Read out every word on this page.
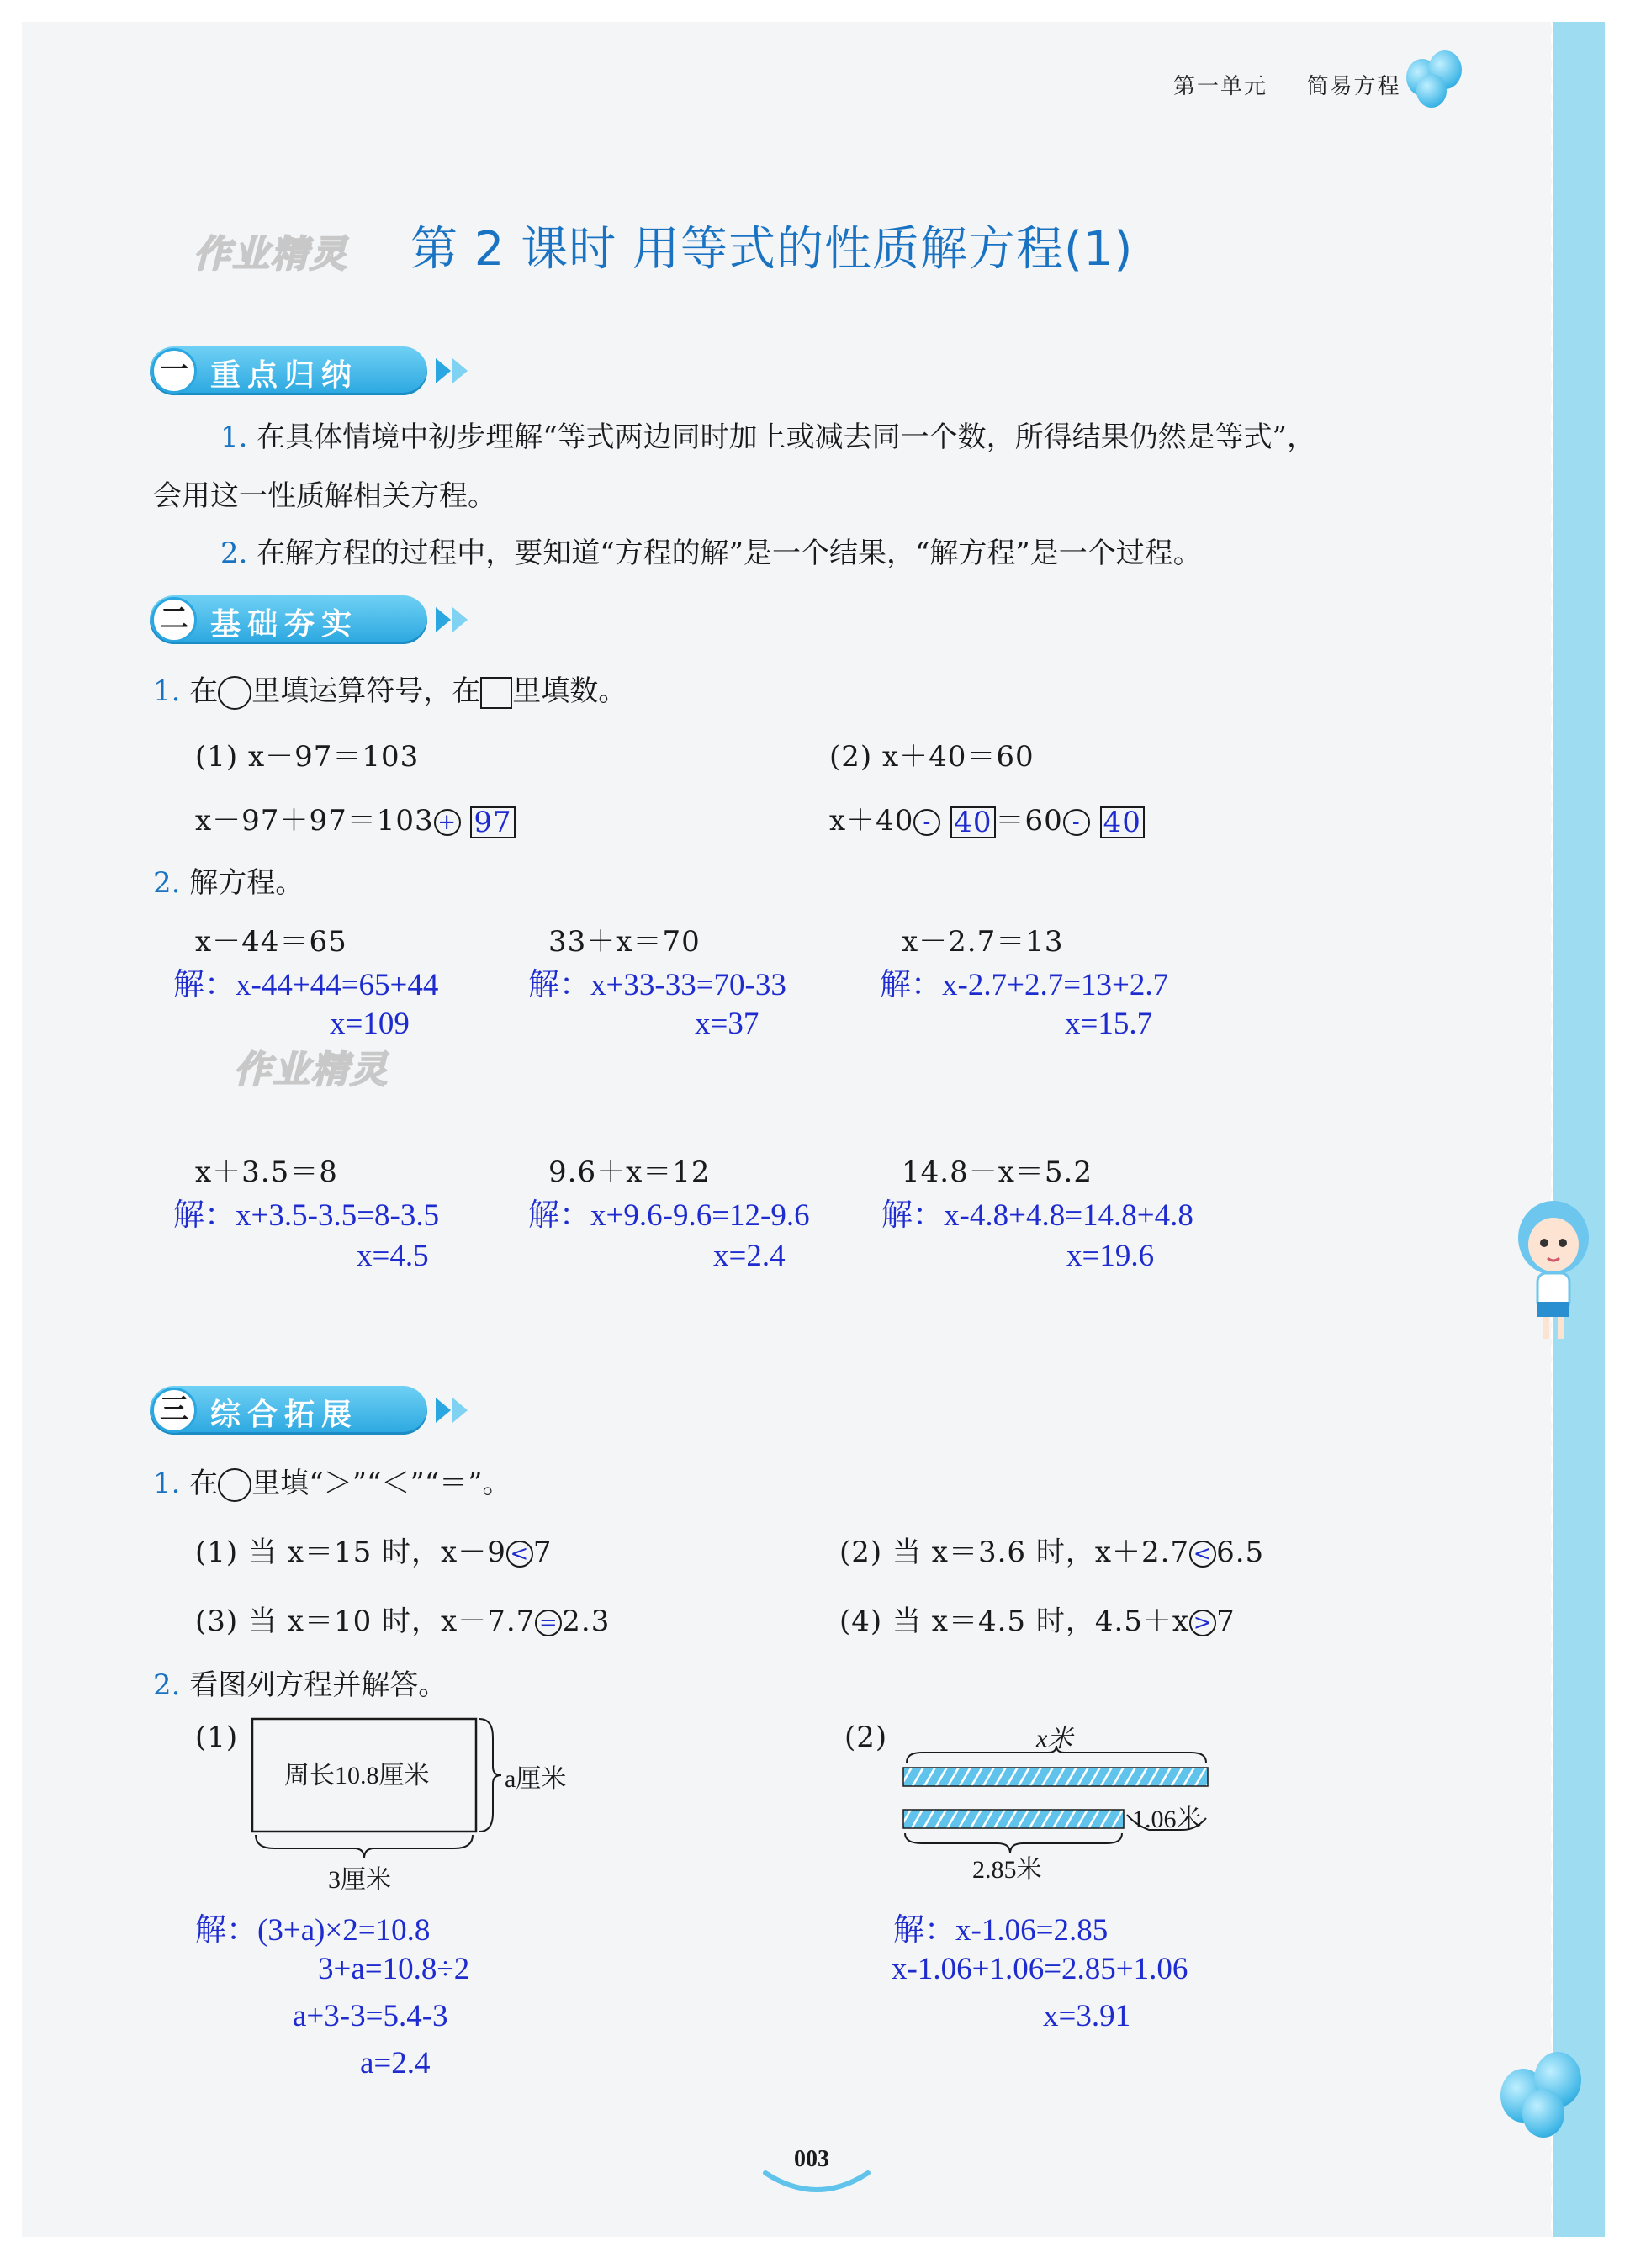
第一单元 简易方程
作业精灵 第 2 课时 用等式的性质解方程(1)
一 重点归纳
1. 在具体情境中初步理解“等式两边同时加上或减去同一个数，所得结果仍然是等式”，
会用这一性质解相关方程。
2. 在解方程的过程中，要知道“方程的解”是一个结果，“解方程”是一个过程。
二 基础夯实
1. 在 里填运算符号，在 里填数。
(1) x－97＝103
x－97＋97＝103 + 97
(2) x＋40＝60
x＋40 - 40 ＝60 - 40
2. 解方程。
x－44＝65
解：x-44+44=65+44
x=109
33＋x＝70
解：x+33-33=70-33
x=37
x－2.7＝13
解：x-2.7+2.7=13+2.7
x=15.7
作业精灵
x＋3.5＝8
解：x+3.5-3.5=8-3.5
x=4.5
9.6＋x＝12
解：x+9.6-9.6=12-9.6
x=2.4
14.8－x＝5.2
解：x-4.8+4.8=14.8+4.8
x=19.6
三 综合拓展
1. 在 里填“＞”“＜”“＝”。
(1) 当 x＝15 时，x－9 < 7	(2) 当 x＝3.6 时，x＋2.7 < 6.5
(3) 当 x＝10 时，x－7.7 = 2.3	(4) 当 x＝4.5 时，4.5＋x > 7
2. 看图列方程并解答。
(1)
周长10.8厘米	a厘米
3厘米
解：(3+a)×2=10.8
3+a=10.8÷2
a+3-3=5.4-3
a=2.4
(2)	x米
1.06米
2.85米
解：x-1.06=2.85
x-1.06+1.06=2.85+1.06
x=3.91
003
